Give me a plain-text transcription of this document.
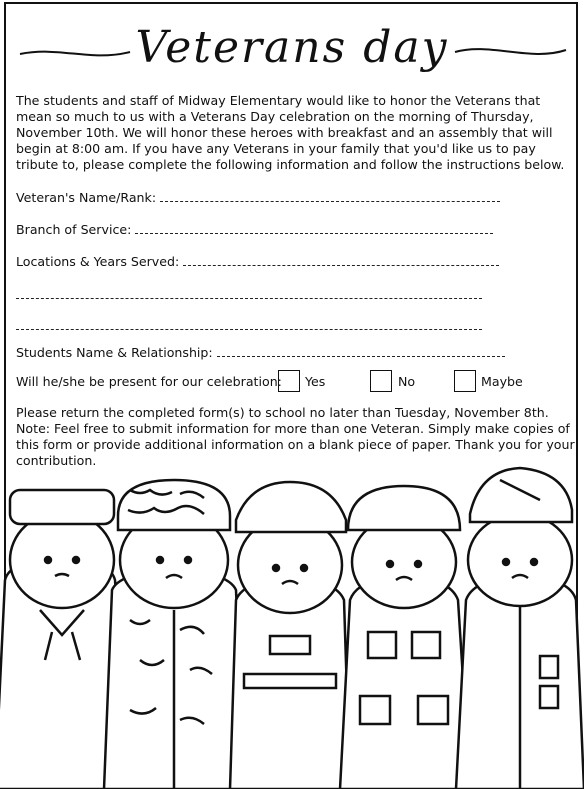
Veterans day
The students and staff of Midway Elementary would like to honor the Veterans that mean so much to us with a Veterans Day celebration on the morning of Thursday, November 10th. We will honor these heroes with breakfast and an assembly that will begin at 8:00 am. If you have any Veterans in your family that you'd like us to pay tribute to, please complete the following information and follow the instructions below.
Veteran's Name/Rank:
Branch of Service:
Locations & Years Served:
Students Name & Relationship:
Will he/she be present for our celebration: Yes	No	Maybe
Please return the completed form(s) to school no later than Tuesday, November 8th.
Note: Feel free to submit information for more than one Veteran. Simply make copies of this form or provide additional information on a blank piece of paper. Thank you for your contribution.
